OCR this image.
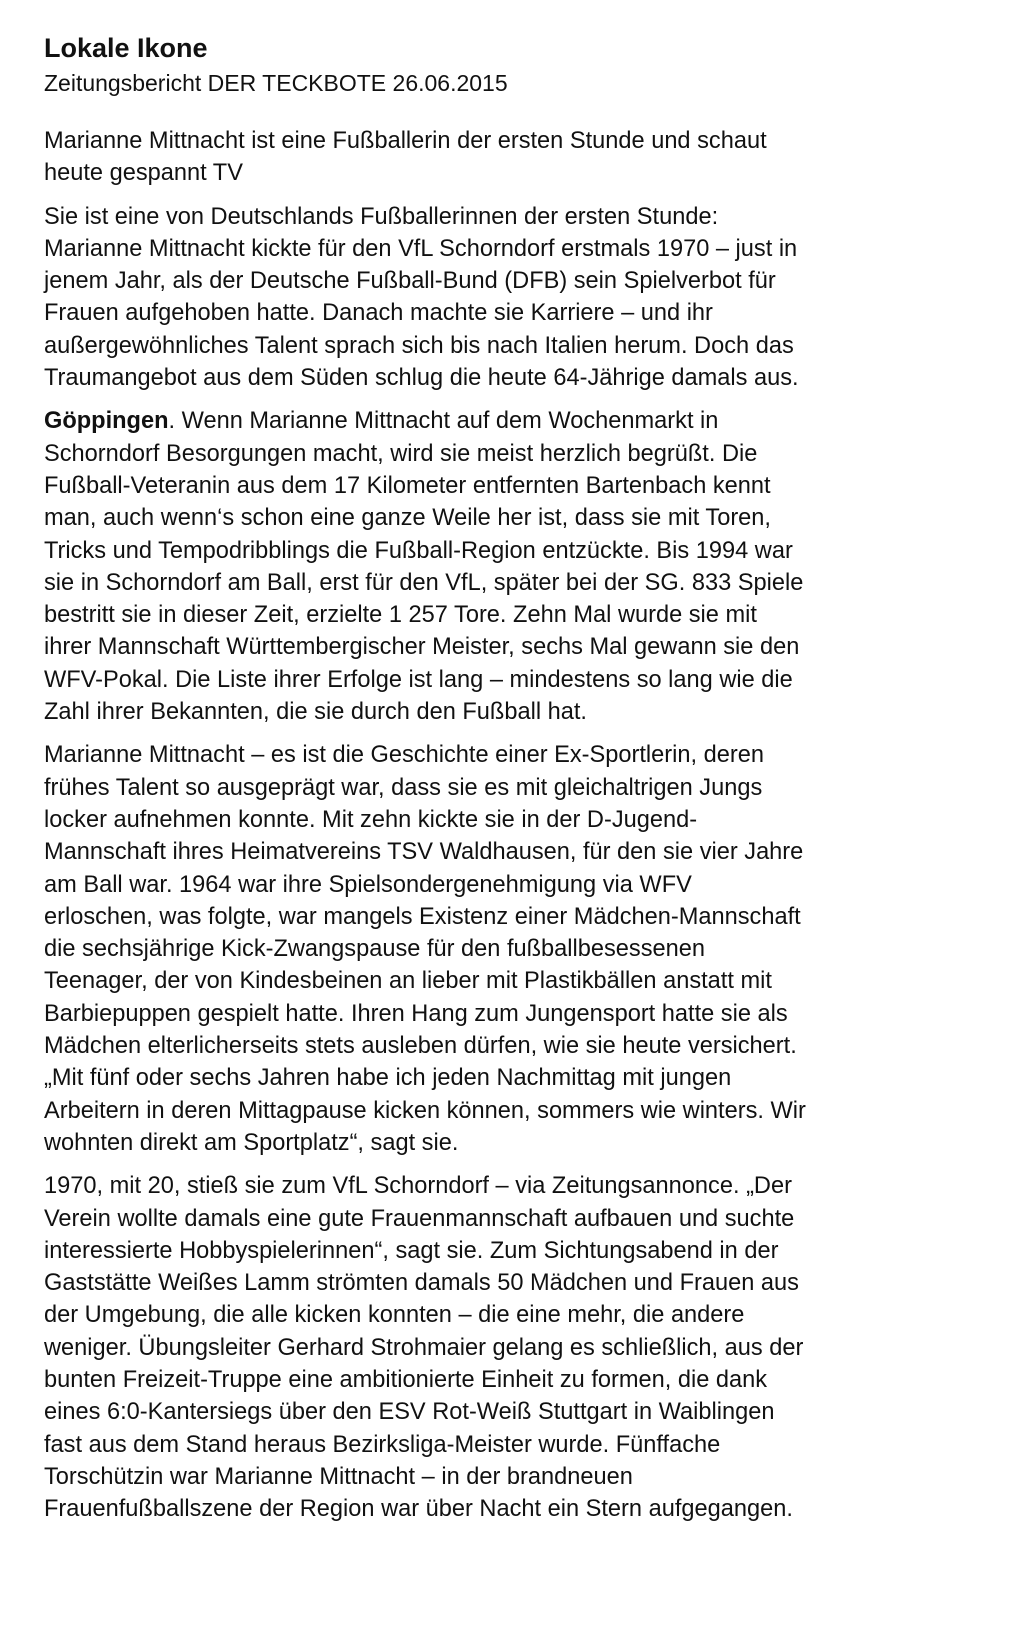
Lokale Ikone
Zeitungsbericht DER TECKBOTE 26.06.2015
Marianne Mittnacht ist eine Fußballerin der ersten Stunde und schaut
heute gespannt TV
Sie ist eine von Deutschlands Fußballerinnen der ersten Stunde:
Marianne Mittnacht kickte für den VfL Schorndorf erstmals 1970 – just in
jenem Jahr, als der Deutsche Fußball-Bund (DFB) sein Spielverbot für
Frauen aufgehoben hatte. Danach machte sie Karriere – und ihr
außergewöhnliches Talent sprach sich bis nach Italien herum. Doch das
Traumangebot aus dem Süden schlug die heute 64-Jährige damals aus.
Göppingen. Wenn Marianne Mittnacht auf dem Wochenmarkt in
Schorndorf Besorgungen macht, wird sie meist herzlich begrüßt. Die
Fußball-Veteranin aus dem 17 Kilometer entfernten Bartenbach kennt
man, auch wenn‘s schon eine ganze Weile her ist, dass sie mit Toren,
Tricks und Tempodribblings die Fußball-Region entzückte. Bis 1994 war
sie in Schorndorf am Ball, erst für den VfL, später bei der SG. 833 Spiele
bestritt sie in dieser Zeit, erzielte 1 257 Tore. Zehn Mal wurde sie mit
ihrer Mannschaft Württembergischer Meister, sechs Mal gewann sie den
WFV-Pokal. Die Liste ihrer Erfolge ist lang – mindestens so lang wie die
Zahl ihrer Bekannten, die sie durch den Fußball hat.
Marianne Mittnacht – es ist die Geschichte einer Ex-Sportlerin, deren
frühes Talent so ausgeprägt war, dass sie es mit gleichaltrigen Jungs
locker aufnehmen konnte. Mit zehn kickte sie in der D-Jugend-
Mannschaft ihres Heimatvereins TSV Waldhausen, für den sie vier Jahre
am Ball war. 1964 war ihre Spielsondergenehmigung via WFV
erloschen, was folgte, war mangels Existenz einer Mädchen-Mannschaft
die sechsjährige Kick-Zwangspause für den fußballbesessenen
Teenager, der von Kindesbeinen an lieber mit Plastikbällen anstatt mit
Barbiepuppen gespielt hatte. Ihren Hang zum Jungensport hatte sie als
Mädchen elterlicherseits stets ausleben dürfen, wie sie heute versichert.
„Mit fünf oder sechs Jahren habe ich jeden Nachmittag mit jungen
Arbeitern in deren Mittagpause kicken können, sommers wie winters. Wir
wohnten direkt am Sportplatz“, sagt sie.
1970, mit 20, stieß sie zum VfL Schorndorf – via Zeitungsannonce. „Der
Verein wollte damals eine gute Frauenmannschaft aufbauen und suchte
interessierte Hobbyspielerinnen“, sagt sie. Zum Sichtungsabend in der
Gaststätte Weißes Lamm strömten damals 50 Mädchen und Frauen aus
der Umgebung, die alle kicken konnten – die eine mehr, die andere
weniger. Übungsleiter Gerhard Strohmaier gelang es schließlich, aus der
bunten Freizeit-Truppe eine ambitionierte Einheit zu formen, die dank
eines 6:0-Kantersiegs über den ESV Rot-Weiß Stuttgart in Waiblingen
fast aus dem Stand heraus Bezirksliga-Meister wurde. Fünffache
Torschützin war Marianne Mittnacht – in der brandneuen
Frauenfußballszene der Region war über Nacht ein Stern aufgegangen.
